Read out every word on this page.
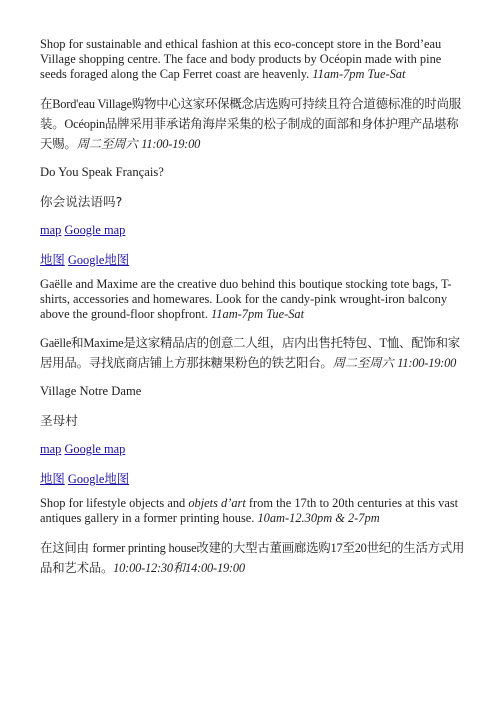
Shop for sustainable and ethical fashion at this eco-concept store in the Bord’eau Village shopping centre. The face and body products by Océopin made with pine seeds foraged along the Cap Ferret coast are heavenly. 11am-7pm Tue-Sat

在Bord'eau Village购物中心这家环保概念店选购可持续且符合道德标准的时尚服装。Océopin品牌采用菲承诺角海岸采集的松子制成的面部和身体护理产品堪称天赐。周二至周六 11:00-19:00

Do You Speak Français?

你会说法语吗?

map Google map

地图 Google地图

Gaëlle and Maxime are the creative duo behind this boutique stocking tote bags, T-shirts, accessories and homewares. Look for the candy-pink wrought-iron balcony above the ground-floor shopfront. 11am-7pm Tue-Sat

Gaëlle和Maxime是这家精品店的创意二人组，店内出售托特包、T恤、配饰和家居用品。寻找底商店铺上方那抹糖果粉色的铁艺阳台。周二至周六 11:00-19:00

Village Notre Dame

圣母村

map Google map

地图 Google地图

Shop for lifestyle objects and objets d’art from the 17th to 20th centuries at this vast antiques gallery in a former printing house. 10am-12.30pm & 2-7pm

在这间由 former printing house改建的大型古董画廊选购17至20世纪的生活方式用品和艺术品。10:00-12:30和14:00-19:00
